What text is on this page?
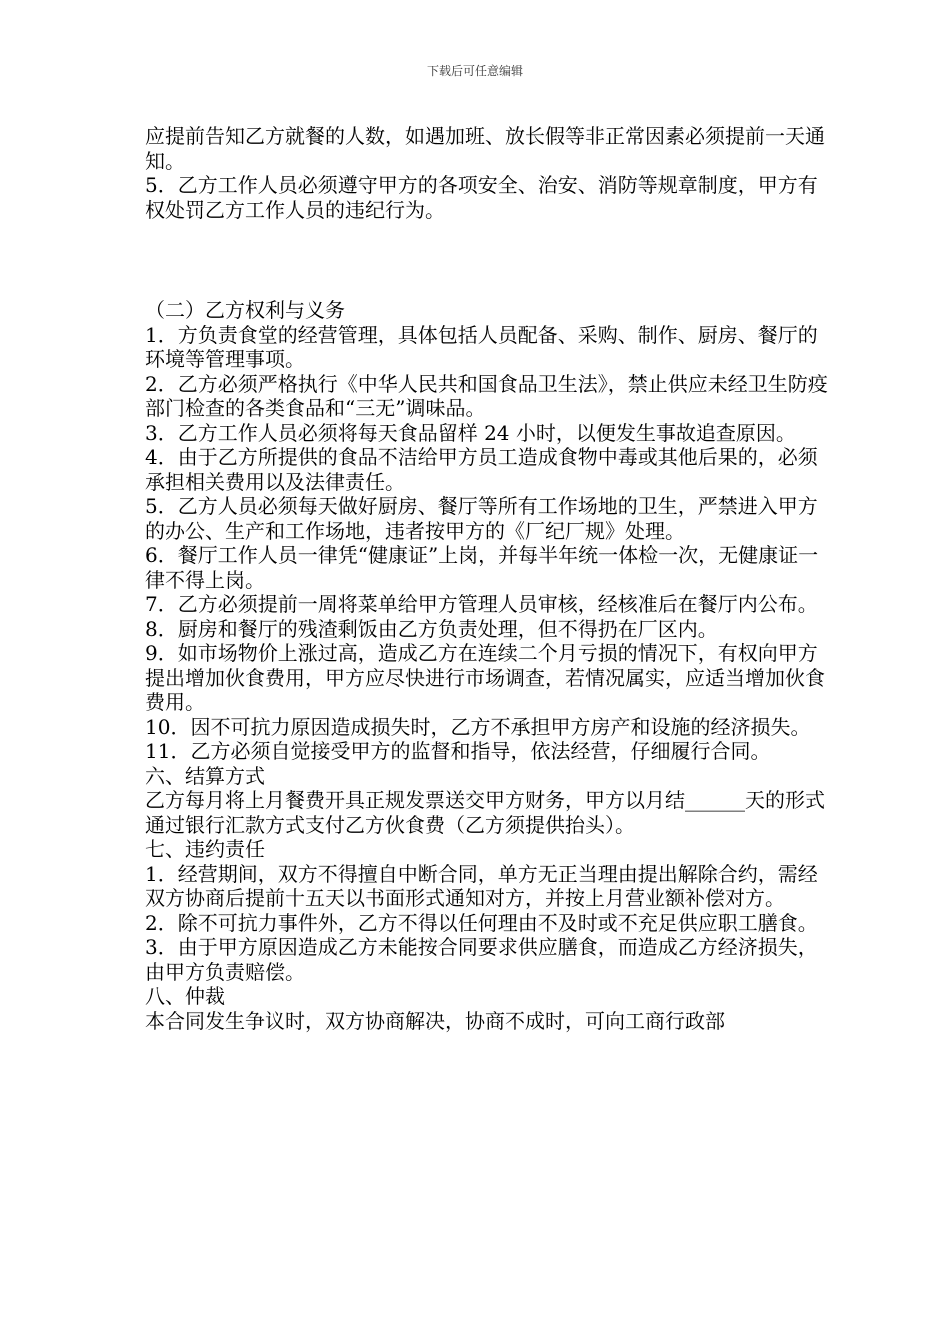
下载后可任意编辑

应提前告知乙方就餐的人数，如遇加班、放长假等非正常因素必须提前一天通知。

5．乙方工作人员必须遵守甲方的各项安全、治安、消防等规章制度，甲方有权处罚乙方工作人员的违纪行为。

（二）乙方权利与义务

1．方负责食堂的经营管理，具体包括人员配备、采购、制作、厨房、餐厅的环境等管理事项。

2．乙方必须严格执行《中华人民共和国食品卫生法》，禁止供应未经卫生防疫部门检查的各类食品和“三无”调味品。

3．乙方工作人员必须将每天食品留样 24 小时，以便发生事故追查原因。

4．由于乙方所提供的食品不洁给甲方员工造成食物中毒或其他后果的，必须承担相关费用以及法律责任。

5．乙方人员必须每天做好厨房、餐厅等所有工作场地的卫生，严禁进入甲方的办公、生产和工作场地，违者按甲方的《厂纪厂规》处理。

6．餐厅工作人员一律凭“健康证”上岗，并每半年统一体检一次，无健康证一律不得上岗。

7．乙方必须提前一周将菜单给甲方管理人员审核，经核准后在餐厅内公布。

8．厨房和餐厅的残渣剩饭由乙方负责处理，但不得扔在厂区内。

9．如市场物价上涨过高，造成乙方在连续二个月亏损的情况下，有权向甲方提出增加伙食费用，甲方应尽快进行市场调查，若情况属实，应适当增加伙食费用。

10．因不可抗力原因造成损失时，乙方不承担甲方房产和设施的经济损失。

11．乙方必须自觉接受甲方的监督和指导，依法经营，仔细履行合同。

六、结算方式

乙方每月将上月餐费开具正规发票送交甲方财务，甲方以月结______天的形式通过银行汇款方式支付乙方伙食费（乙方须提供抬头）。

七、违约责任

1．经营期间，双方不得擅自中断合同，单方无正当理由提出解除合约，需经双方协商后提前十五天以书面形式通知对方，并按上月营业额补偿对方。

2．除不可抗力事件外，乙方不得以任何理由不及时或不充足供应职工膳食。

3．由于甲方原因造成乙方未能按合同要求供应膳食，而造成乙方经济损失，由甲方负责赔偿。

八、仲裁

本合同发生争议时，双方协商解决，协商不成时，可向工商行政部
